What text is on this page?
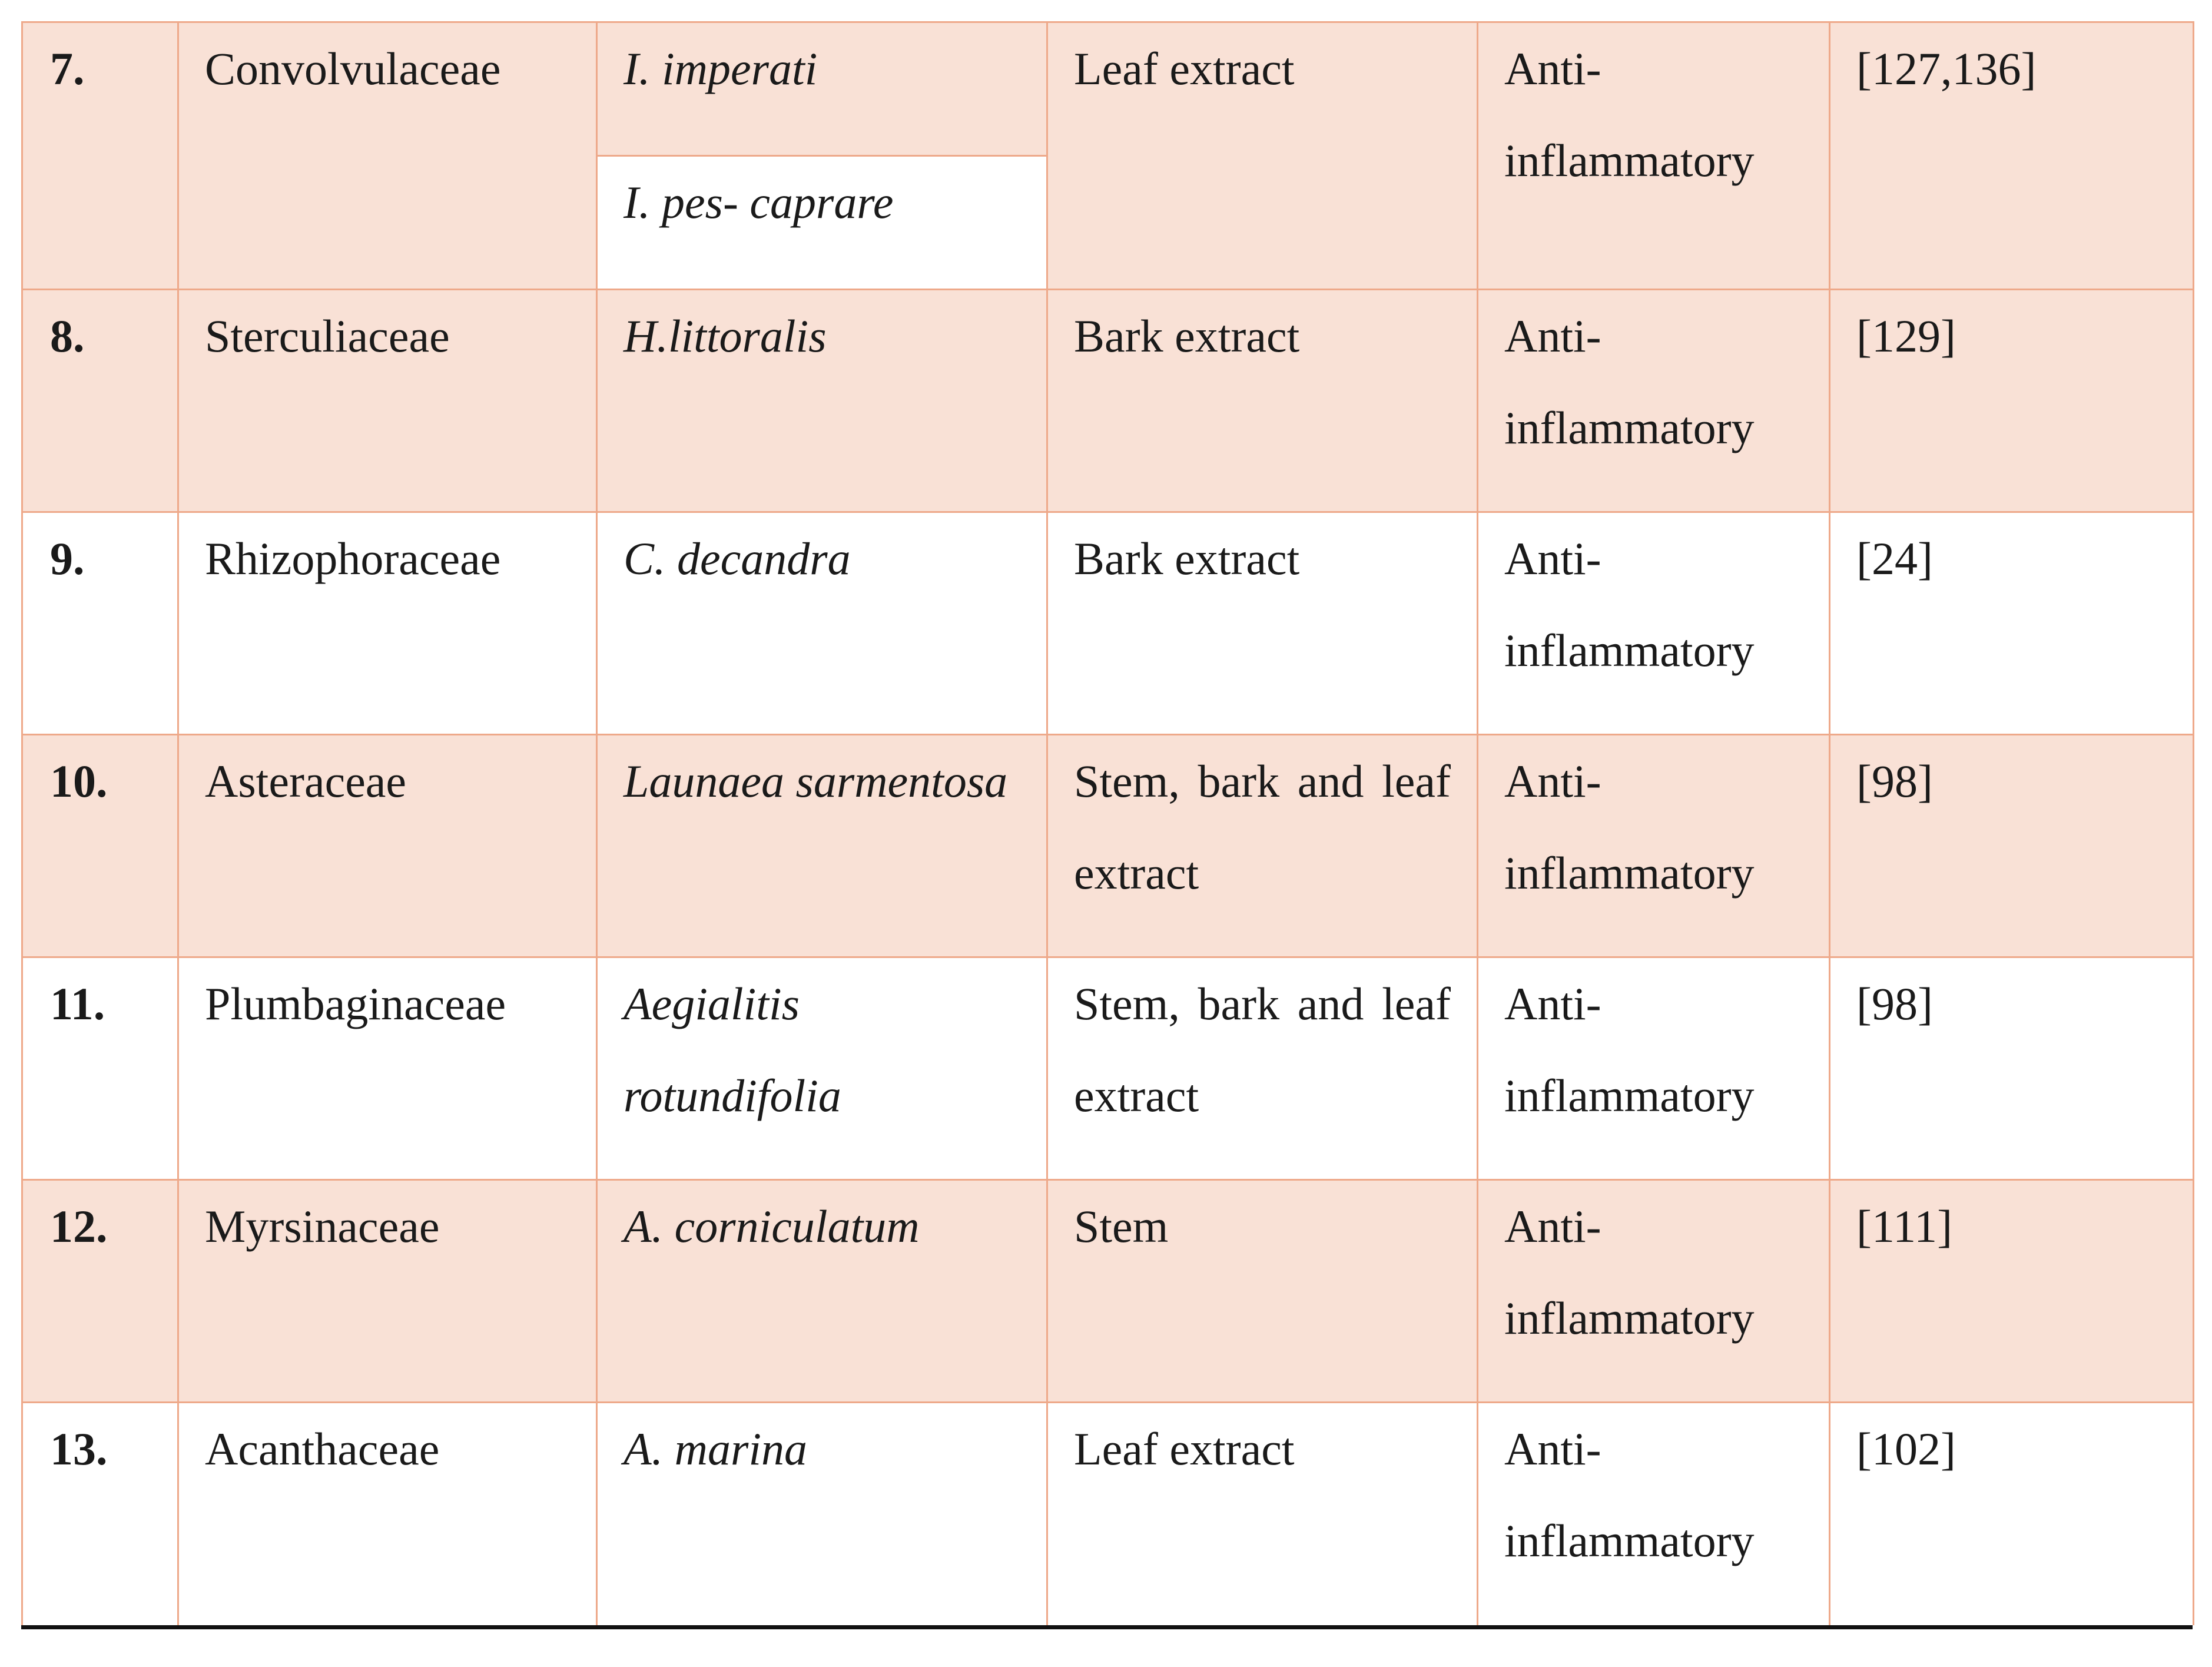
7.	Convolvulaceae	I. imperati	Leaf extract	Anti-inflammatory	[127,136]
		I. pes- caprare			
8.	Sterculiaceae	H.littoralis	Bark extract	Anti-inflammatory	[129]
9.	Rhizophoraceae	C. decandra	Bark extract	Anti-inflammatory	[24]
10.	Asteraceae	Launaea sarmentosa	Stem, bark and leaf extract	Anti-inflammatory	[98]
11.	Plumbaginaceae	Aegialitis rotundifolia	Stem, bark and leaf extract	Anti-inflammatory	[98]
12.	Myrsinaceae	A. corniculatum	Stem	Anti-inflammatory	[111]
13.	Acanthaceae	A. marina	Leaf extract	Anti-inflammatory	[102]
